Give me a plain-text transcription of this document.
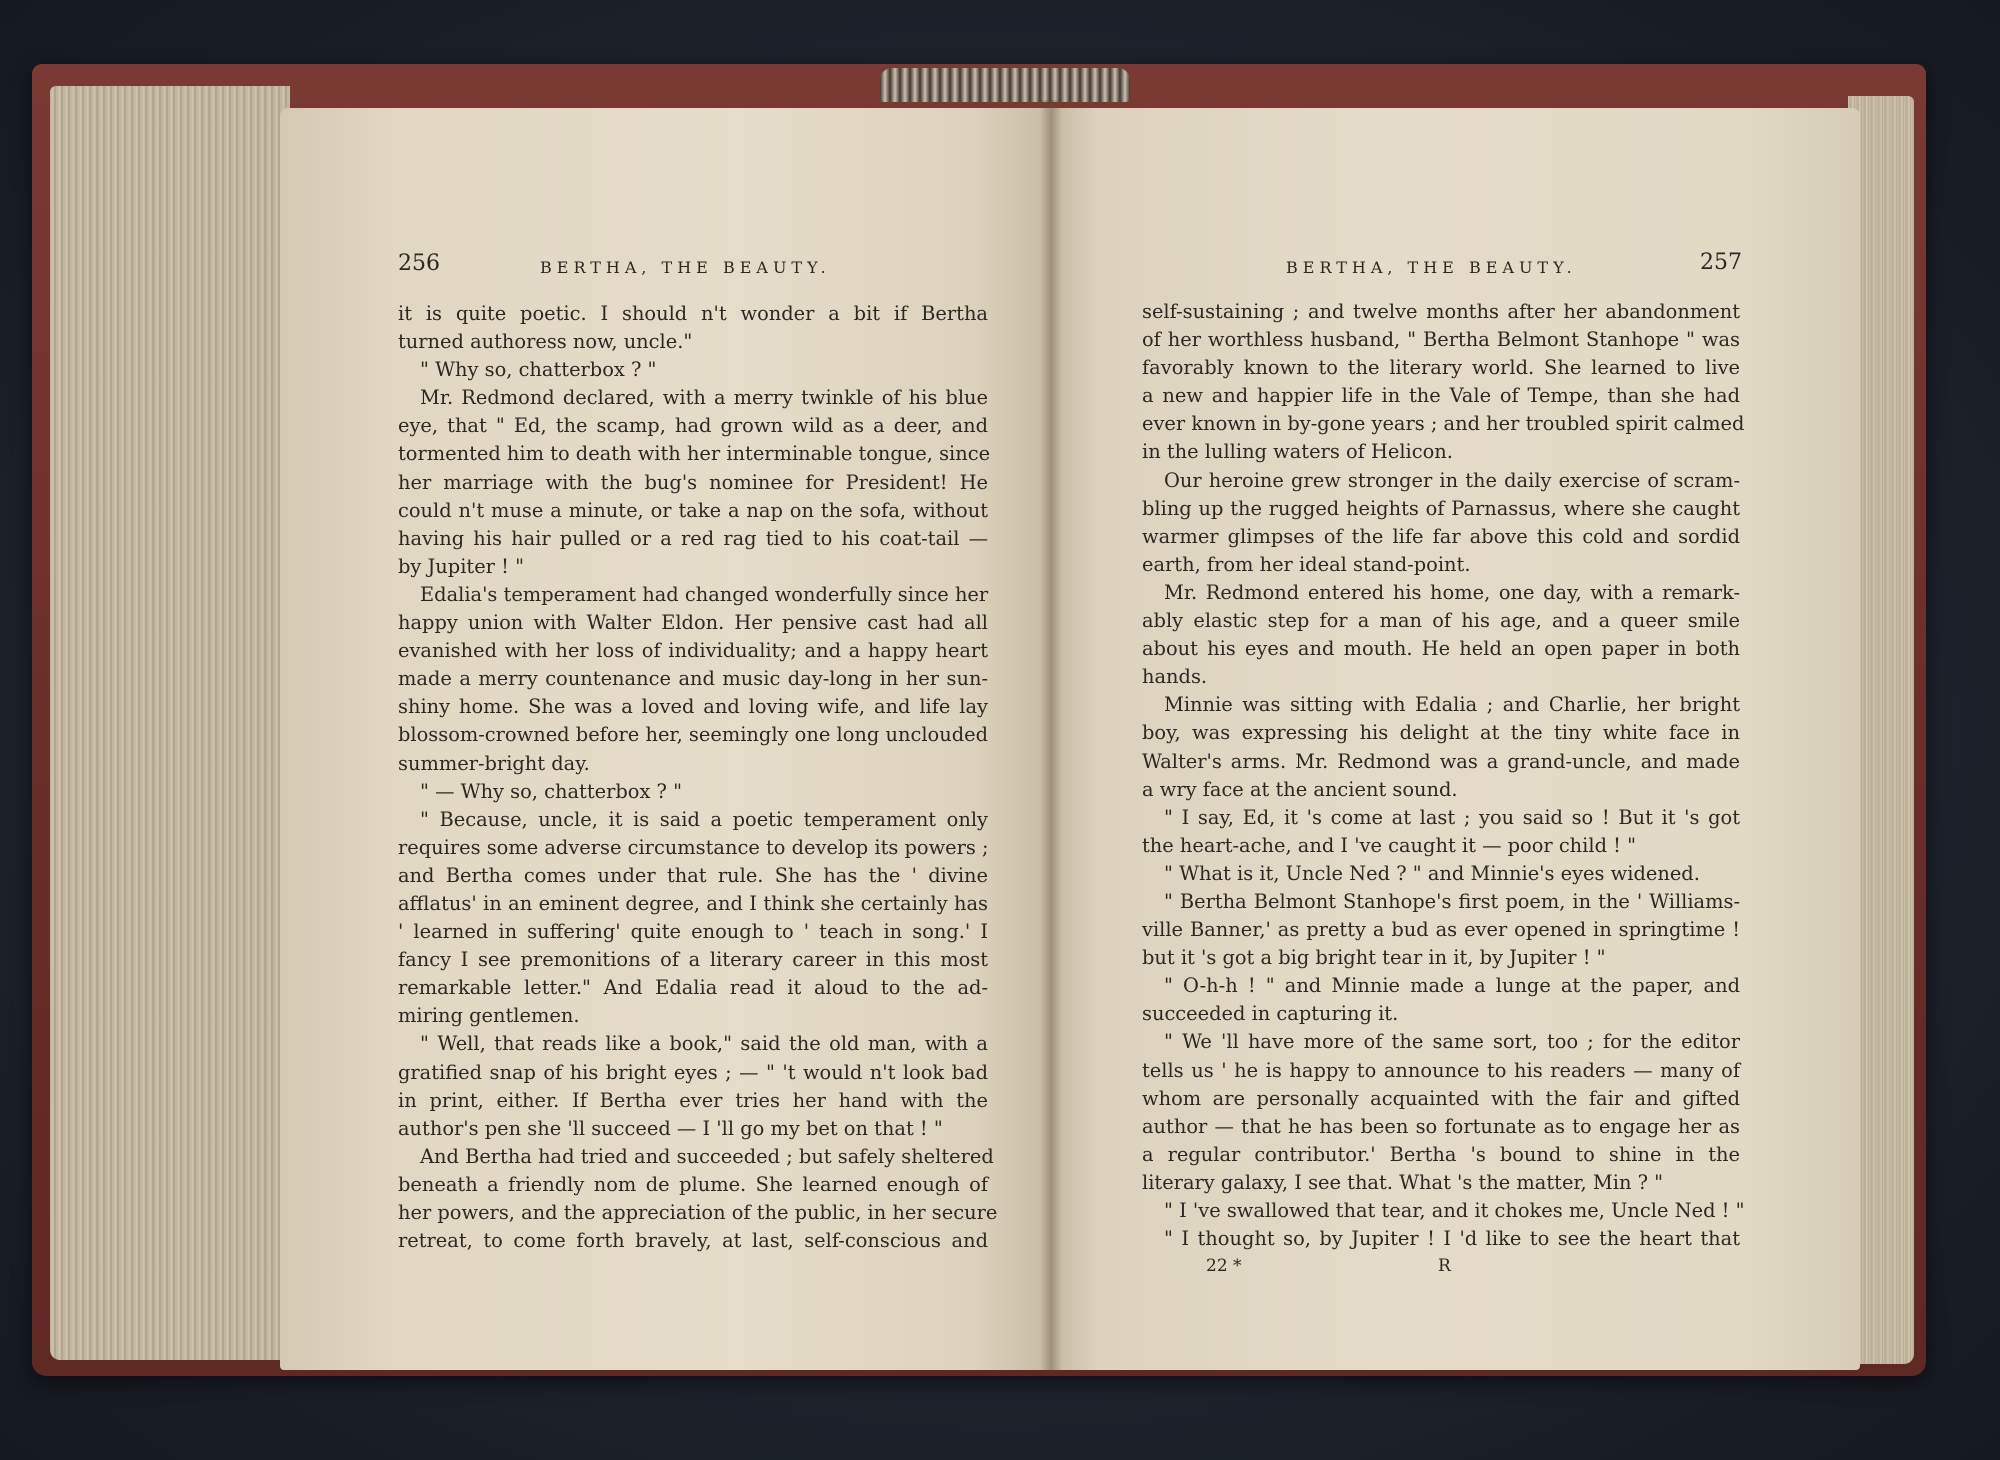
256	BERTHA, THE BEAUTY.
it is quite poetic. I should n't wonder a bit if Bertha
turned authoress now, uncle."
" Why so, chatterbox ? "
Mr. Redmond declared, with a merry twinkle of his blue
eye, that " Ed, the scamp, had grown wild as a deer, and
tormented him to death with her interminable tongue, since
her marriage with the bug's nominee for President! He
could n't muse a minute, or take a nap on the sofa, without
having his hair pulled or a red rag tied to his coat-tail —
by Jupiter ! "
Edalia's temperament had changed wonderfully since her
happy union with Walter Eldon. Her pensive cast had all
evanished with her loss of individuality; and a happy heart
made a merry countenance and music day-long in her sun-
shiny home. She was a loved and loving wife, and life lay
blossom-crowned before her, seemingly one long unclouded
summer-bright day.
" — Why so, chatterbox ? "
" Because, uncle, it is said a poetic temperament only
requires some adverse circumstance to develop its powers ;
and Bertha comes under that rule. She has the ' divine
afflatus' in an eminent degree, and I think she certainly has
' learned in suffering' quite enough to ' teach in song.' I
fancy I see premonitions of a literary career in this most
remarkable letter." And Edalia read it aloud to the ad-
miring gentlemen.
" Well, that reads like a book," said the old man, with a
gratified snap of his bright eyes ; — " 't would n't look bad
in print, either. If Bertha ever tries her hand with the
author's pen she 'll succeed — I 'll go my bet on that ! "
And Bertha had tried and succeeded ; but safely sheltered
beneath a friendly nom de plume. She learned enough of
her powers, and the appreciation of the public, in her secure
retreat, to come forth bravely, at last, self-conscious and
BERTHA, THE BEAUTY.	257
self-sustaining ; and twelve months after her abandonment
of her worthless husband, " Bertha Belmont Stanhope " was
favorably known to the literary world. She learned to live
a new and happier life in the Vale of Tempe, than she had
ever known in by-gone years ; and her troubled spirit calmed
in the lulling waters of Helicon.
Our heroine grew stronger in the daily exercise of scram-
bling up the rugged heights of Parnassus, where she caught
warmer glimpses of the life far above this cold and sordid
earth, from her ideal stand-point.
Mr. Redmond entered his home, one day, with a remark-
ably elastic step for a man of his age, and a queer smile
about his eyes and mouth. He held an open paper in both
hands.
Minnie was sitting with Edalia ; and Charlie, her bright
boy, was expressing his delight at the tiny white face in
Walter's arms. Mr. Redmond was a grand-uncle, and made
a wry face at the ancient sound.
" I say, Ed, it 's come at last ; you said so ! But it 's got
the heart-ache, and I 've caught it — poor child ! "
" What is it, Uncle Ned ? " and Minnie's eyes widened.
" Bertha Belmont Stanhope's first poem, in the ' Williams-
ville Banner,' as pretty a bud as ever opened in springtime !
but it 's got a big bright tear in it, by Jupiter ! "
" O-h-h ! " and Minnie made a lunge at the paper, and
succeeded in capturing it.
" We 'll have more of the same sort, too ; for the editor
tells us ' he is happy to announce to his readers — many of
whom are personally acquainted with the fair and gifted
author — that he has been so fortunate as to engage her as
a regular contributor.' Bertha 's bound to shine in the
literary galaxy, I see that. What 's the matter, Min ? "
" I 've swallowed that tear, and it chokes me, Uncle Ned ! "
" I thought so, by Jupiter ! I 'd like to see the heart that
22 *	R
